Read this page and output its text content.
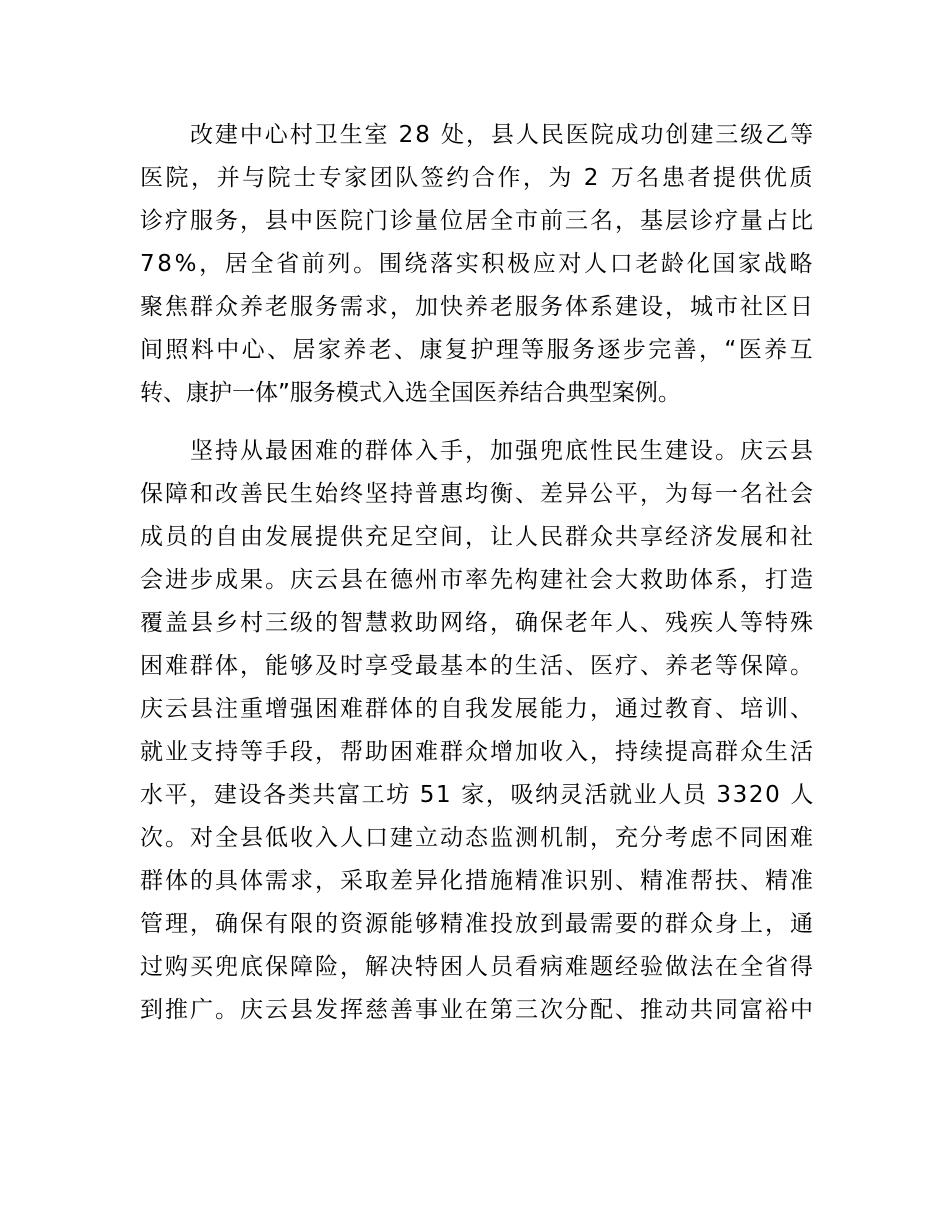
改建中心村卫生室 28 处，县人民医院成功创建三级乙等
医院，并与院士专家团队签约合作，为 2 万名患者提供优质
诊疗服务，县中医院门诊量位居全市前三名，基层诊疗量占比
78%，居全省前列。围绕落实积极应对人口老龄化国家战略
聚焦群众养老服务需求，加快养老服务体系建设，城市社区日
间照料中心、居家养老、康复护理等服务逐步完善，“医养互
转、康护一体”服务模式入选全国医养结合典型案例。
坚持从最困难的群体入手，加强兜底性民生建设。庆云县
保障和改善民生始终坚持普惠均衡、差异公平，为每一名社会
成员的自由发展提供充足空间，让人民群众共享经济发展和社
会进步成果。庆云县在德州市率先构建社会大救助体系，打造
覆盖县乡村三级的智慧救助网络，确保老年人、残疾人等特殊
困难群体，能够及时享受最基本的生活、医疗、养老等保障。
庆云县注重增强困难群体的自我发展能力，通过教育、培训、
就业支持等手段，帮助困难群众增加收入，持续提高群众生活
水平，建设各类共富工坊 51 家，吸纳灵活就业人员 3320 人
次。对全县低收入人口建立动态监测机制，充分考虑不同困难
群体的具体需求，采取差异化措施精准识别、精准帮扶、精准
管理，确保有限的资源能够精准投放到最需要的群众身上，通
过购买兜底保障险，解决特困人员看病难题经验做法在全省得
到推广。庆云县发挥慈善事业在第三次分配、推动共同富裕中
